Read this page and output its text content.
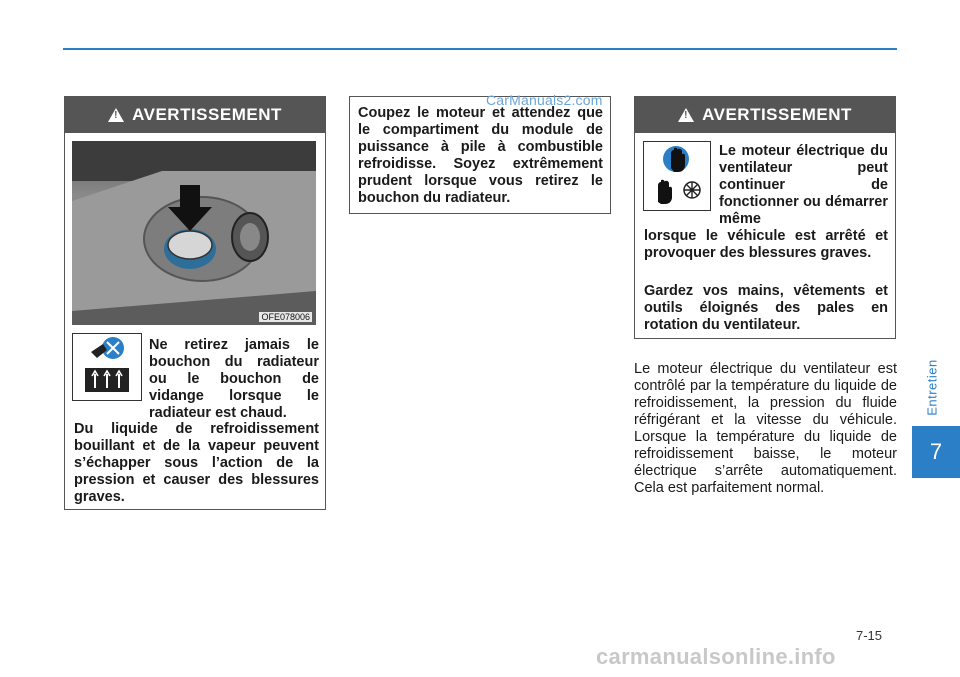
CarManuals2.com
!
AVERTISSEMENT
OFE078006
Ne retirez jamais le bouchon du radiateur ou le bouchon de vidange lorsque le radiateur est chaud.
Du liquide de refroidissement bouillant et de la vapeur peuvent s’échapper sous l’action de la pression et causer des blessures graves.
Coupez le moteur et attendez que le compartiment du module de puissance à pile à combustible refroidisse. Soyez extrêmement prudent lorsque vous retirez le bouchon du radiateur.
!
AVERTISSEMENT
Le moteur électrique du ventilateur peut continuer de fonctionner ou démarrer même
lorsque le véhicule est arrêté et provoquer des blessures graves.
Gardez vos mains, vêtements et outils éloignés des pales en rotation du ventilateur.
Le moteur électrique du ventilateur est contrôlé par la température du liquide de refroidissement, la pression du fluide réfrigérant et la vitesse du véhicule. Lorsque la température du liquide de refroidissement baisse, le moteur électrique s’arrête automatiquement. Cela est parfaitement normal.
Entretien
7
7-15
carmanualsonline.info
